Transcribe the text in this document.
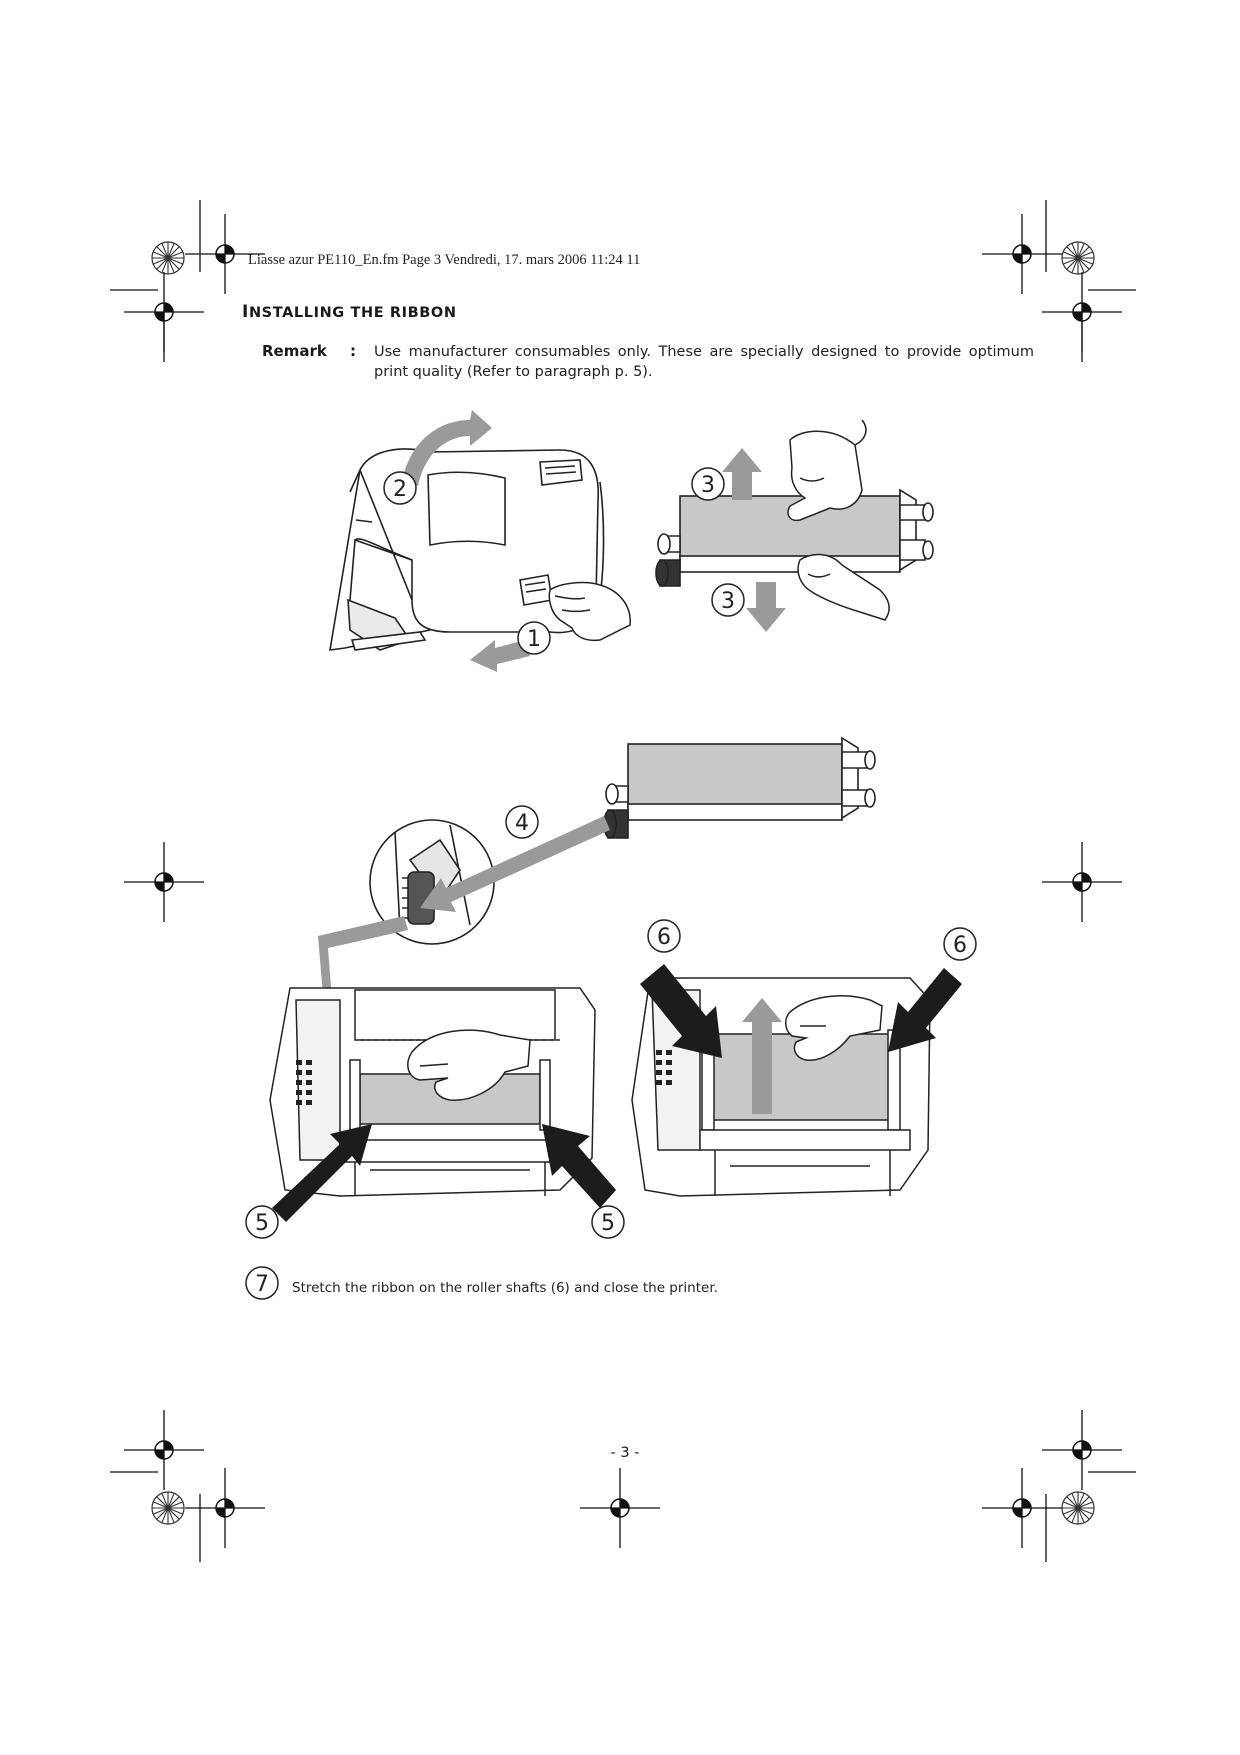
Liasse azur PE110_En.fm Page 3 Vendredi, 17. mars 2006 11:24 11
INSTALLING THE RIBBON
Remark : Use manufacturer consumables only. These are specially designed to provide optimum print quality (Refer to paragraph p. 5).
1
2	3
3
4
5	5
6	6
7 Stretch the ribbon on the roller shafts (6) and close the printer.
- 3 -
